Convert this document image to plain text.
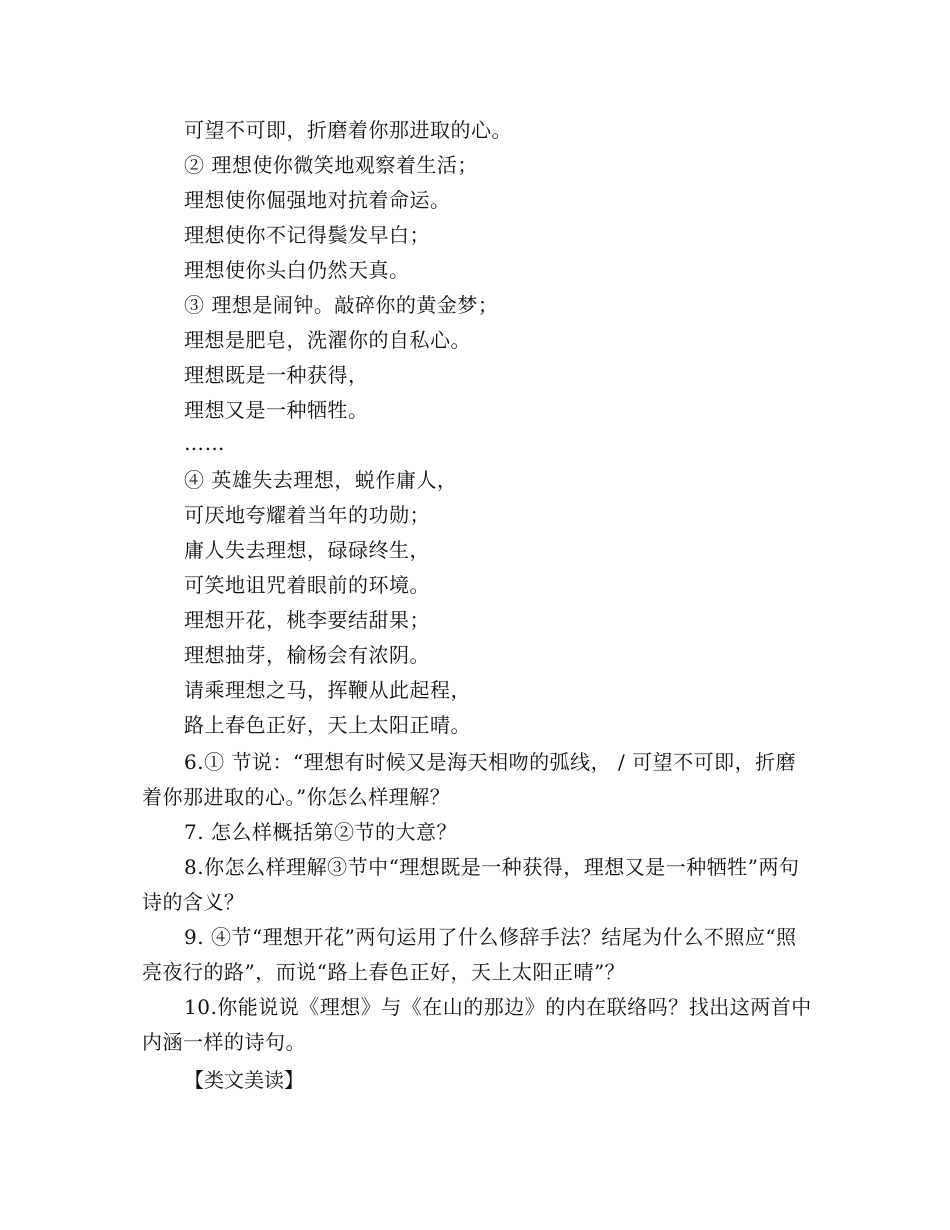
可望不可即，折磨着你那进取的心。
② 理想使你微笑地观察着生活；
理想使你倔强地对抗着命运。
理想使你不记得鬓发早白；
理想使你头白仍然天真。
③ 理想是闹钟。敲碎你的黄金梦；
理想是肥皂，洗濯你的自私心。
理想既是一种获得，
理想又是一种牺牲。
……
④ 英雄失去理想，蜕作庸人，
可厌地夸耀着当年的功勋；
庸人失去理想，碌碌终生，
可笑地诅咒着眼前的环境。
理想开花，桃李要结甜果；
理想抽芽，榆杨会有浓阴。
请乘理想之马，挥鞭从此起程，
路上春色正好，天上太阳正晴。
6.① 节说：“理想有时候又是海天相吻的弧线， / 可望不可即，折磨着你那进取的心。”你怎么样理解？
7. 怎么样概括第②节的大意？
8.你怎么样理解③节中“理想既是一种获得，理想又是一种牺牲”两句诗的含义？
9. ④节“理想开花”两句运用了什么修辞手法？结尾为什么不照应“照亮夜行的路”，而说“路上春色正好，天上太阳正晴”？
10.你能说说《理想》与《在山的那边》的内在联络吗？找出这两首中内涵一样的诗句。
【类文美读】
